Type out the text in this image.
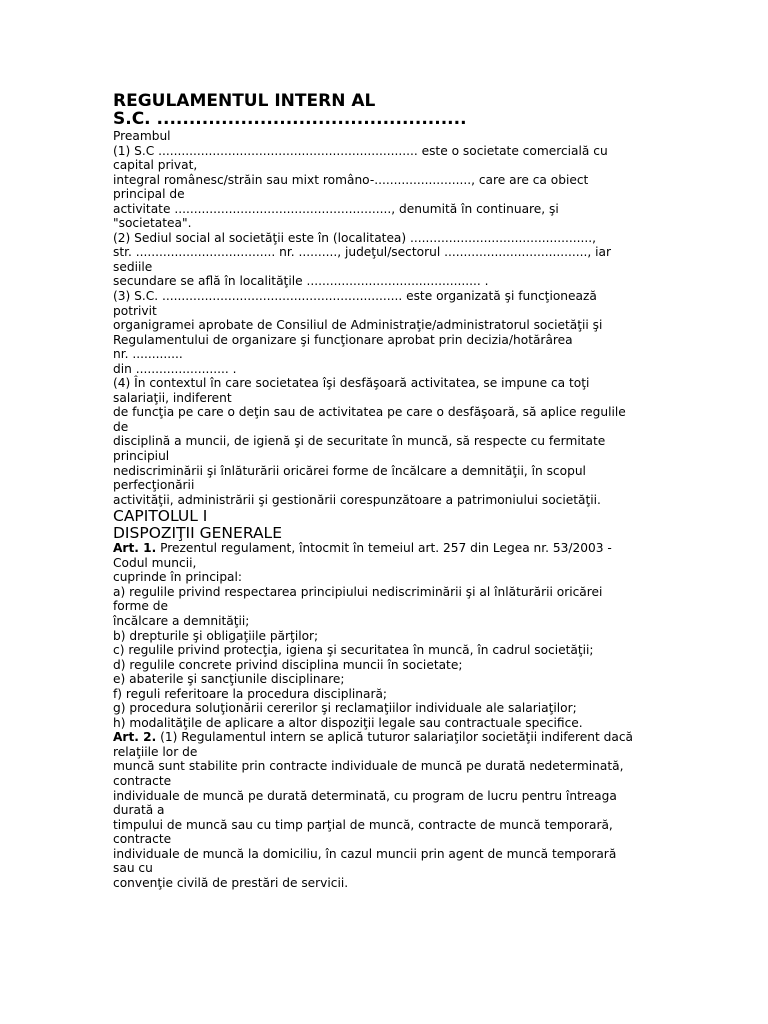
REGULAMENTUL INTERN AL
S.C. ................................................
Preambul
(1) S.C ................................................................... este o societate comercială cu
capital privat,
integral românesc/străin sau mixt româno-........................., care are ca obiect
principal de
activitate ........................................................, denumită în continuare, şi
"societatea".
(2) Sediul social al societăţii este în (localitatea) ...............................................,
str. .................................... nr. .........., judeţul/sectorul ....................................., iar
sediile
secundare se află în localităţile ............................................. .
(3) S.C. .............................................................. este organizată şi funcţionează
potrivit
organigramei aprobate de Consiliul de Administraţie/administratorul societăţii şi
Regulamentului de organizare şi funcţionare aprobat prin decizia/hotărârea
nr. .............
din ........................ .
(4) În contextul în care societatea îşi desfăşoară activitatea, se impune ca toţi
salariaţii, indiferent
de funcţia pe care o deţin sau de activitatea pe care o desfăşoară, să aplice regulile
de
disciplină a muncii, de igienă şi de securitate în muncă, să respecte cu fermitate
principiul
nediscriminării şi înlăturării oricărei forme de încălcare a demnităţii, în scopul
perfecţionării
activităţii, administrării şi gestionării corespunzătoare a patrimoniului societăţii.
CAPITOLUL I
DISPOZIŢII GENERALE
Art. 1. Prezentul regulament, întocmit în temeiul art. 257 din Legea nr. 53/2003 -
Codul muncii,
cuprinde în principal:
a) regulile privind respectarea principiului nediscriminării şi al înlăturării oricărei
forme de
încălcare a demnităţii;
b) drepturile şi obligaţiile părţilor;
c) regulile privind protecţia, igiena şi securitatea în muncă, în cadrul societăţii;
d) regulile concrete privind disciplina muncii în societate;
e) abaterile şi sancţiunile disciplinare;
f) reguli referitoare la procedura disciplinară;
g) procedura soluţionării cererilor şi reclamaţiilor individuale ale salariaţilor;
h) modalităţile de aplicare a altor dispoziţii legale sau contractuale specifice.
Art. 2. (1) Regulamentul intern se aplică tuturor salariaţilor societăţii indiferent dacă
relaţiile lor de
muncă sunt stabilite prin contracte individuale de muncă pe durată nedeterminată,
contracte
individuale de muncă pe durată determinată, cu program de lucru pentru întreaga
durată a
timpului de muncă sau cu timp parţial de muncă, contracte de muncă temporară,
contracte
individuale de muncă la domiciliu, în cazul muncii prin agent de muncă temporară
sau cu
convenţie civilă de prestări de servicii.
